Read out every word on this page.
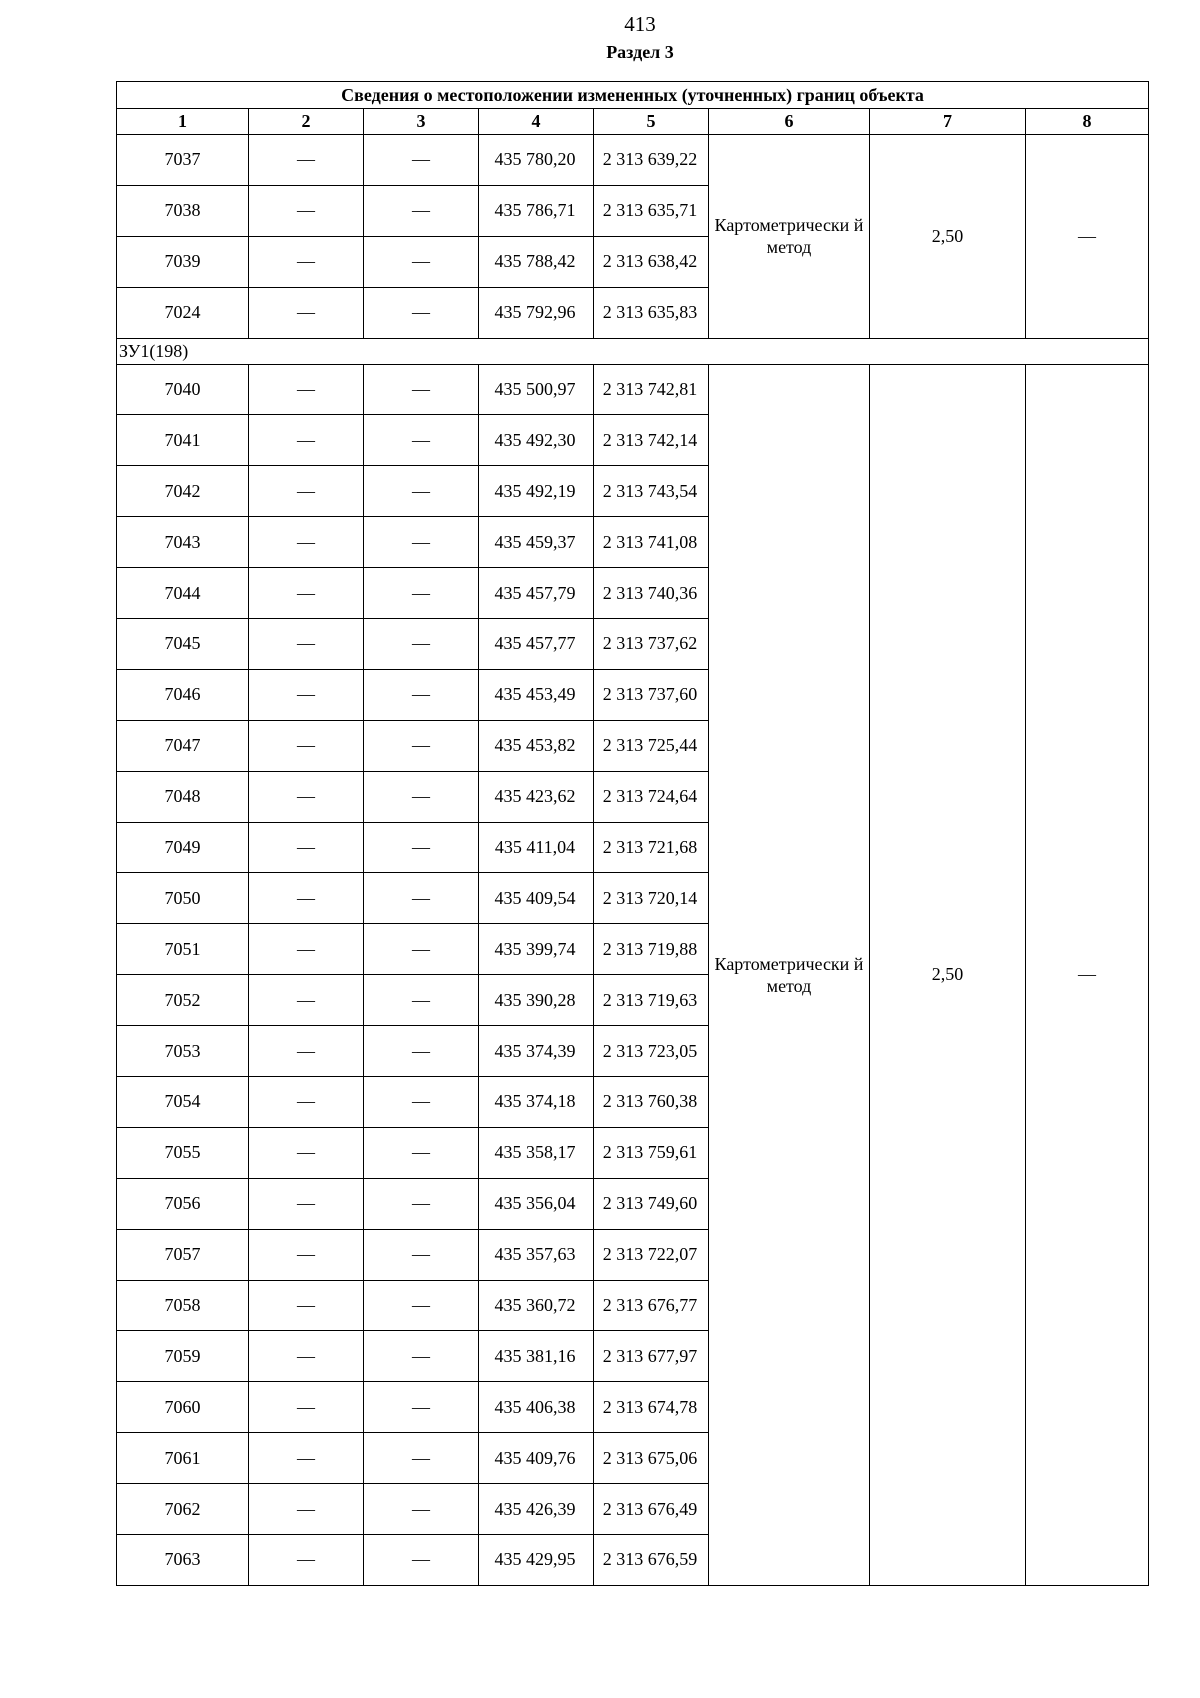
413
Раздел 3
Сведения о местоположении измененных (уточненных) границ объекта							
1	2	3	4	5	6	7	8
7037	—	—	435 780,20	2 313 639,22	Картометрически й метод	2,50	—
7038	—	—	435 786,71	2 313 635,71			
7039	—	—	435 788,42	2 313 638,42			
7024	—	—	435 792,96	2 313 635,83			
ЗУ1(198)							
7040	—	—	435 500,97	2 313 742,81	Картометрически й метод	2,50	—
7041	—	—	435 492,30	2 313 742,14			
7042	—	—	435 492,19	2 313 743,54			
7043	—	—	435 459,37	2 313 741,08			
7044	—	—	435 457,79	2 313 740,36			
7045	—	—	435 457,77	2 313 737,62			
7046	—	—	435 453,49	2 313 737,60			
7047	—	—	435 453,82	2 313 725,44			
7048	—	—	435 423,62	2 313 724,64			
7049	—	—	435 411,04	2 313 721,68			
7050	—	—	435 409,54	2 313 720,14			
7051	—	—	435 399,74	2 313 719,88			
7052	—	—	435 390,28	2 313 719,63			
7053	—	—	435 374,39	2 313 723,05			
7054	—	—	435 374,18	2 313 760,38			
7055	—	—	435 358,17	2 313 759,61			
7056	—	—	435 356,04	2 313 749,60			
7057	—	—	435 357,63	2 313 722,07			
7058	—	—	435 360,72	2 313 676,77			
7059	—	—	435 381,16	2 313 677,97			
7060	—	—	435 406,38	2 313 674,78			
7061	—	—	435 409,76	2 313 675,06			
7062	—	—	435 426,39	2 313 676,49			
7063	—	—	435 429,95	2 313 676,59			
